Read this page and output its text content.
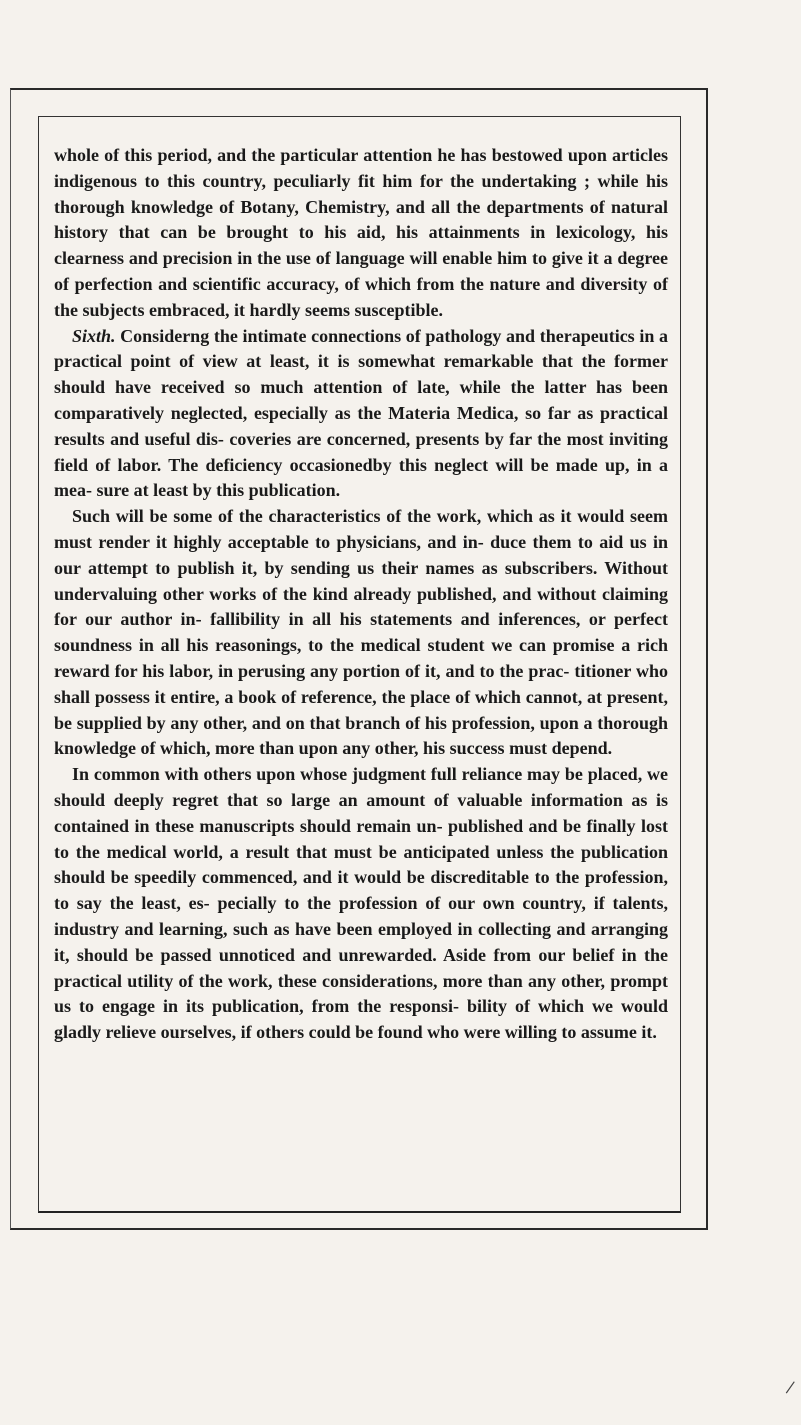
whole of this period, and the particular attention he has bestowed upon articles indigenous to this country, peculiarly fit him for the undertaking ; while his thorough knowledge of Botany, Chemistry, and all the departments of natural history that can be brought to his aid, his attainments in lexicology, his clearness and precision in the use of language will enable him to give it a degree of perfection and scientific accuracy, of which from the nature and diversity of the subjects embraced, it hardly seems susceptible.

Sixth. Considerng the intimate connections of pathology and therapeutics in a practical point of view at least, it is somewhat remarkable that the former should have received so much attention of late, while the latter has been comparatively neglected, especially as the Materia Medica, so far as practical results and useful dis- coveries are concerned, presents by far the most inviting field of labor. The deficiency occasionedby this neglect will be made up, in a mea- sure at least by this publication.

Such will be some of the characteristics of the work, which as it would seem must render it highly acceptable to physicians, and in- duce them to aid us in our attempt to publish it, by sending us their names as subscribers. Without undervaluing other works of the kind already published, and without claiming for our author in- fallibility in all his statements and inferences, or perfect soundness in all his reasonings, to the medical student we can promise a rich reward for his labor, in perusing any portion of it, and to the prac- titioner who shall possess it entire, a book of reference, the place of which cannot, at present, be supplied by any other, and on that branch of his profession, upon a thorough knowledge of which, more than upon any other, his success must depend.

In common with others upon whose judgment full reliance may be placed, we should deeply regret that so large an amount of valuable information as is contained in these manuscripts should remain un- published and be finally lost to the medical world, a result that must be anticipated unless the publication should be speedily commenced, and it would be discreditable to the profession, to say the least, es- pecially to the profession of our own country, if talents, industry and learning, such as have been employed in collecting and arranging it, should be passed unnoticed and unrewarded. Aside from our belief in the practical utility of the work, these considerations, more than any other, prompt us to engage in its publication, from the responsi- bility of which we would gladly relieve ourselves, if others could be found who were willing to assume it.

❘
